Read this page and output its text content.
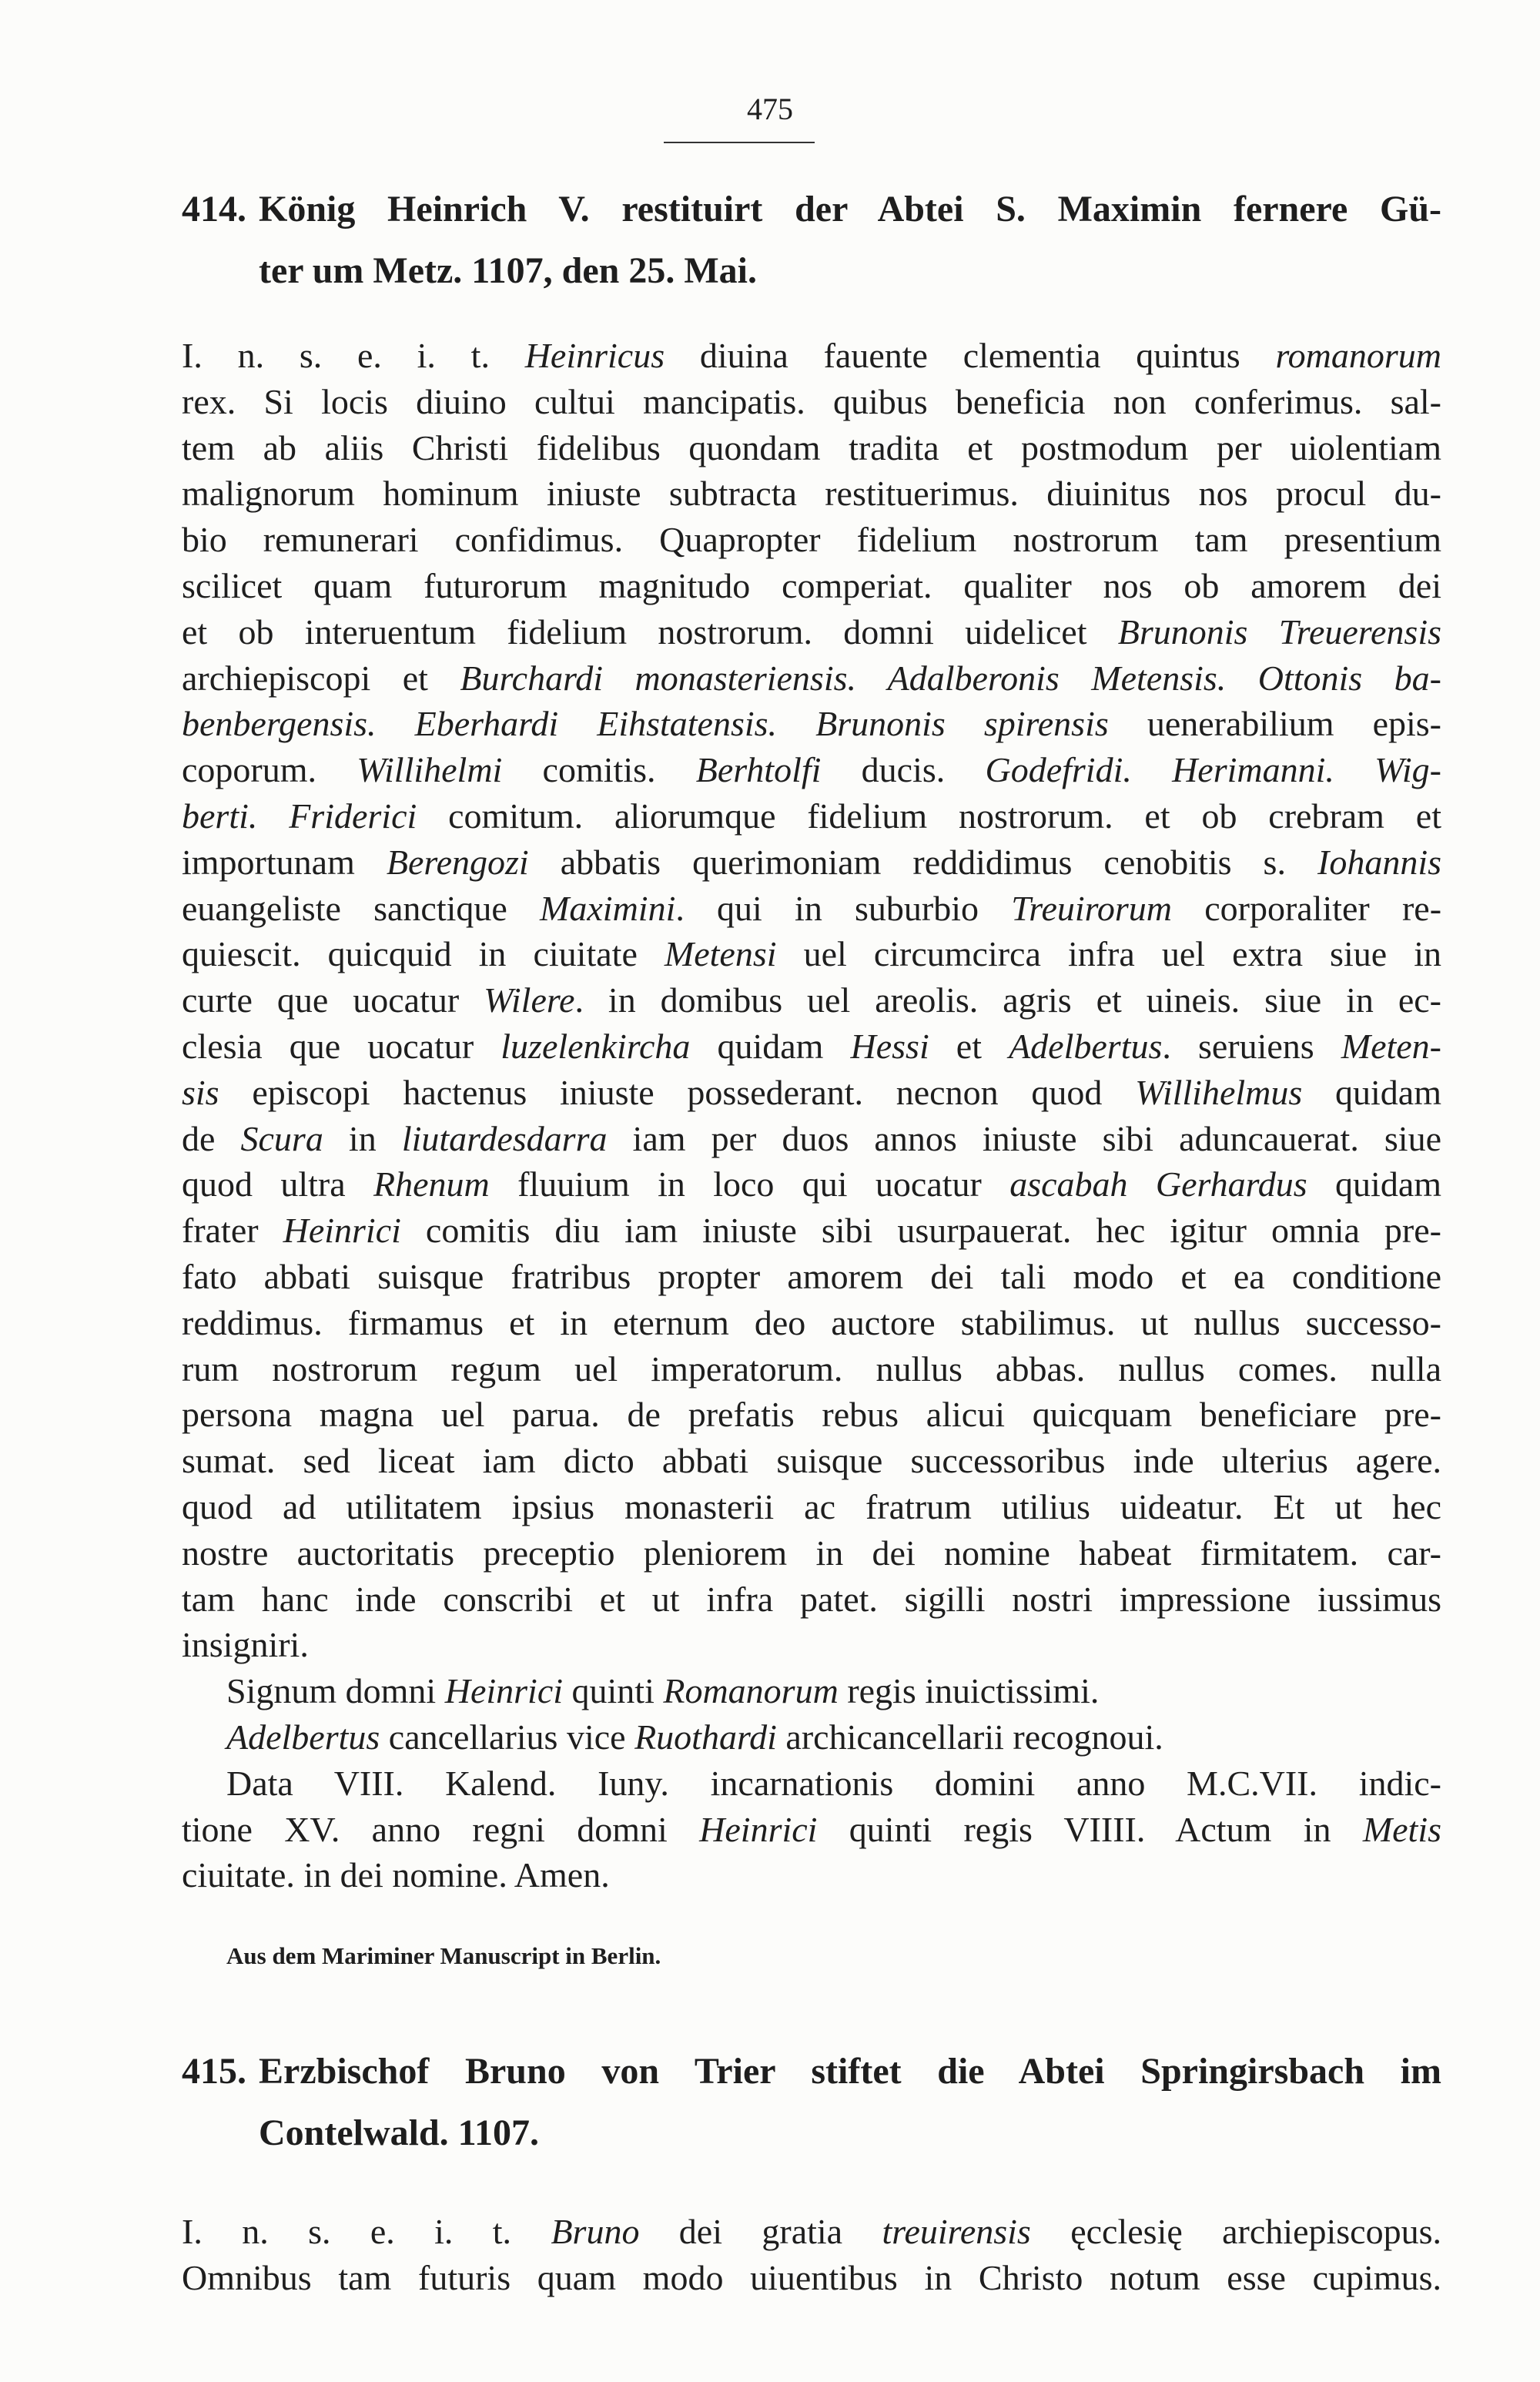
475
414. König Heinrich V. restituirt der Abtei S. Maximin fernere Gü-
ter um Metz. 1107, den 25. Mai.
I. n. s. e. i. t. Heinricus diuina fauente clementia quintus romanorum
rex. Si locis diuino cultui mancipatis. quibus beneficia non conferimus. sal-
tem ab aliis Christi fidelibus quondam tradita et postmodum per uiolentiam
malignorum hominum iniuste subtracta restituerimus. diuinitus nos procul du-
bio remunerari confidimus. Quapropter fidelium nostrorum tam presentium
scilicet quam futurorum magnitudo comperiat. qualiter nos ob amorem dei
et ob interuentum fidelium nostrorum. domni uidelicet Brunonis Treuerensis
archiepiscopi et Burchardi monasteriensis. Adalberonis Metensis. Ottonis ba-
benbergensis. Eberhardi Eihstatensis. Brunonis spirensis uenerabilium epis-
coporum. Willihelmi comitis. Berhtolfi ducis. Godefridi. Herimanni. Wig-
berti. Friderici comitum. aliorumque fidelium nostrorum. et ob crebram et
importunam Berengozi abbatis querimoniam reddidimus cenobitis s. Iohannis
euangeliste sanctique Maximini. qui in suburbio Treuirorum corporaliter re-
quiescit. quicquid in ciuitate Metensi uel circumcirca infra uel extra siue in
curte que uocatur Wilere. in domibus uel areolis. agris et uineis. siue in ec-
clesia que uocatur luzelenkircha quidam Hessi et Adelbertus. seruiens Meten-
sis episcopi hactenus iniuste possederant. necnon quod Willihelmus quidam
de Scura in liutardesdarra iam per duos annos iniuste sibi aduncauerat. siue
quod ultra Rhenum fluuium in loco qui uocatur ascabah Gerhardus quidam
frater Heinrici comitis diu iam iniuste sibi usurpauerat. hec igitur omnia pre-
fato abbati suisque fratribus propter amorem dei tali modo et ea conditione
reddimus. firmamus et in eternum deo auctore stabilimus. ut nullus successo-
rum nostrorum regum uel imperatorum. nullus abbas. nullus comes. nulla
persona magna uel parua. de prefatis rebus alicui quicquam beneficiare pre-
sumat. sed liceat iam dicto abbati suisque successoribus inde ulterius agere.
quod ad utilitatem ipsius monasterii ac fratrum utilius uideatur. Et ut hec
nostre auctoritatis preceptio pleniorem in dei nomine habeat firmitatem. car-
tam hanc inde conscribi et ut infra patet. sigilli nostri impressione iussimus
insigniri.
Signum domni Heinrici quinti Romanorum regis inuictissimi.
Adelbertus cancellarius vice Ruothardi archicancellarii recognoui.
Data VIII. Kalend. Iuny. incarnationis domini anno M.C.VII. indic-
tione XV. anno regni domni Heinrici quinti regis VIIII. Actum in Metis
ciuitate. in dei nomine. Amen.
Aus dem Mariminer Manuscript in Berlin.
415. Erzbischof Bruno von Trier stiftet die Abtei Springirsbach im
Contelwald. 1107.
I. n. s. e. i. t. Bruno dei gratia treuirensis ęcclesię archiepiscopus.
Omnibus tam futuris quam modo uiuentibus in Christo notum esse cupimus.
